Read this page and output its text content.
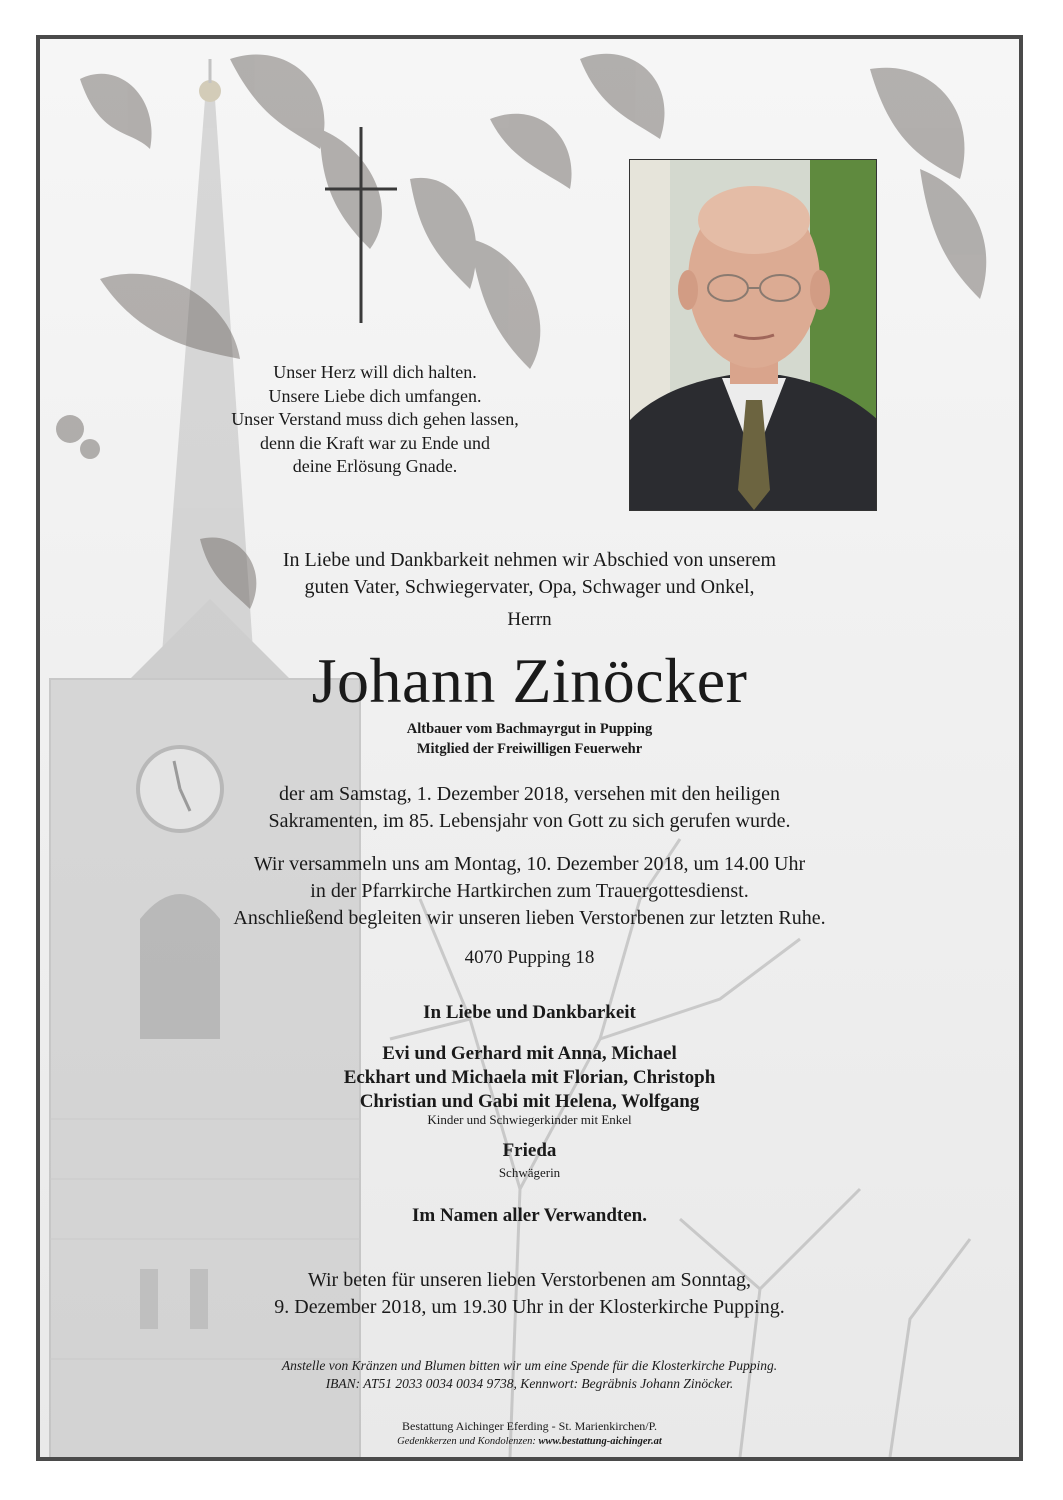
Unser Herz will dich halten.
Unsere Liebe dich umfangen.
Unser Verstand muss dich gehen lassen,
denn die Kraft war zu Ende und
deine Erlösung Gnade.
In Liebe und Dankbarkeit nehmen wir Abschied von unserem
guten Vater, Schwiegervater, Opa, Schwager und Onkel,
Herrn
Johann Zinöcker
Altbauer vom Bachmayrgut in Pupping
Mitglied der Freiwilligen Feuerwehr
der am Samstag, 1. Dezember 2018, versehen mit den heiligen
Sakramenten, im 85. Lebensjahr von Gott zu sich gerufen wurde.
Wir versammeln uns am Montag, 10. Dezember 2018, um 14.00 Uhr
in der Pfarrkirche Hartkirchen zum Trauergottesdienst.
Anschließend begleiten wir unseren lieben Verstorbenen zur letzten Ruhe.
4070 Pupping 18
In Liebe und Dankbarkeit
Evi und Gerhard mit Anna, Michael
Eckhart und Michaela mit Florian, Christoph
Christian und Gabi mit Helena, Wolfgang
Kinder und Schwiegerkinder mit Enkel
Frieda
Schwägerin
Im Namen aller Verwandten.
Wir beten für unseren lieben Verstorbenen am Sonntag,
9. Dezember 2018, um 19.30 Uhr in der Klosterkirche Pupping.
Anstelle von Kränzen und Blumen bitten wir um eine Spende für die Klosterkirche Pupping.
IBAN: AT51 2033 0034 0034 9738, Kennwort: Begräbnis Johann Zinöcker.
Bestattung Aichinger Eferding - St. Marienkirchen/P.
Gedenkkerzen und Kondolenzen: www.bestattung-aichinger.at
